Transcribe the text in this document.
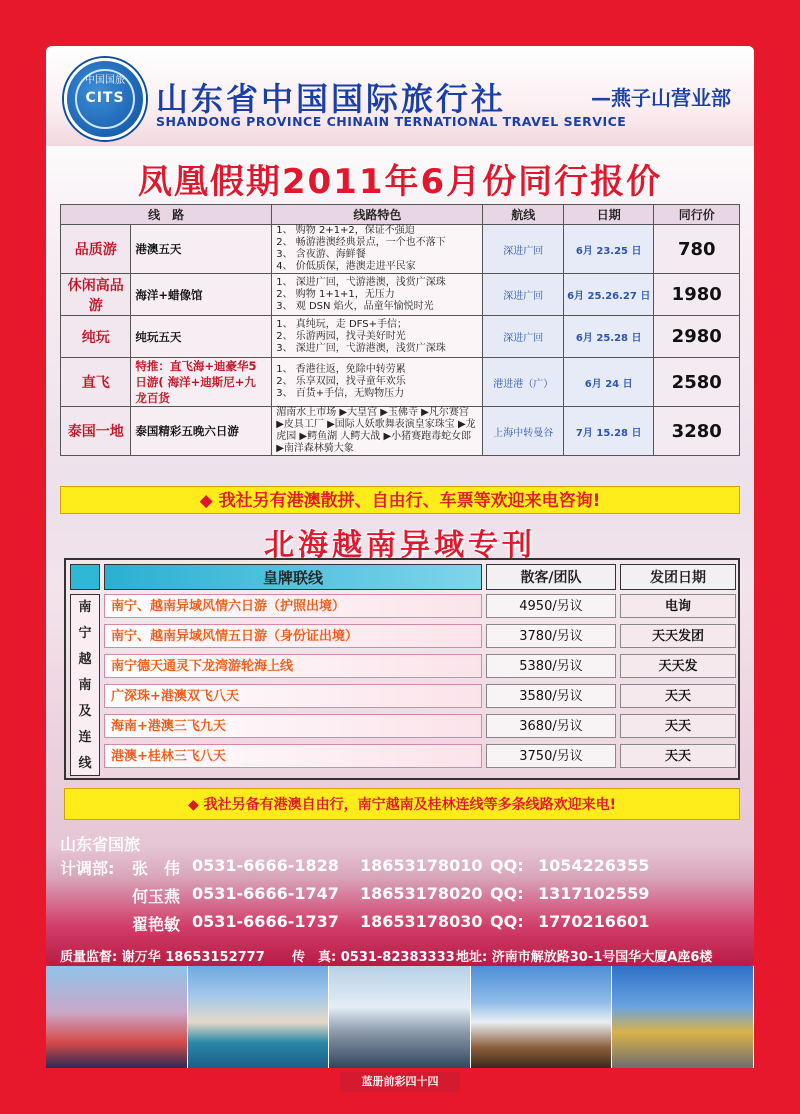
中国国旅
CITS 山东省中国国际旅行社
SHANDONG PROVINCE CHINAIN TERNATIONAL TRAVEL SERVICE
—燕子山营业部
凤凰假期2011年6月份同行报价
线　路		线路特色	航线	日期	同行价
品质游	港澳五天	1、 购物 2+1+2，保证不强迫
2、 畅游港澳经典景点，一个也不落下
3、 含夜游、海鲜餐
4、 价低质保，港澳走进平民家	深进广回	6月 23.25 日	780
休闲高品游	海洋+蜡像馆	1、 深进广回，弋游港澳，浅赏广深珠
2、 购物 1+1+1，无压力
3、 观 DSN 焰火，品童年愉悦时光	深进广回	6月 25.26.27 日	1980
纯玩	纯玩五天	1、 真纯玩，走 DFS+手信；
2、 乐游两园，找寻美好时光
3、 深进广回，弋游港澳，浅赏广深珠	深进广回	6月 25.28 日	2980
直飞	特推：直飞海+迪豪华5 日游( 海洋+迪斯尼+九龙百货	1、 香港往返，免除中转劳累
2、 乐享双园，找寻童年欢乐
3、 百货+手信，无购物压力	港进港（广）	6月 24 日	2580
泰国一地	泰国精彩五晚六日游	湄南水上市场 ▶大皇宫 ▶玉佛寺 ▶凡尔赛宫 ▶皮具工厂 ▶国际人妖歌舞表演皇家珠宝 ▶龙虎园 ▶鳄鱼湖 人鳄大战 ▶小猪赛跑毒蛇女郎 ▶南洋森林骑大象	上海中转曼谷	7月 15.28 日	3280
◆ 我社另有港澳散拼、自由行、车票等欢迎来电咨询!
北海越南异域专刊
皇牌联线	散客/团队	发团日期
南
宁
越
南
及
连
线
南宁、越南异域风情六日游（护照出境）	4950/另议	电询
南宁、越南异域风情五日游（身份证出境）	3780/另议	天天发团
南宁德天通灵下龙湾游轮海上线	5380/另议	天天发
广深珠+港澳双飞八天	3580/另议	天天
海南+港澳三飞九天	3680/另议	天天
港澳+桂林三飞八天	3750/另议	天天
◆ 我社另备有港澳自由行，南宁越南及桂林连线等多条线路欢迎来电!
山东省国旅
计调部: 张　伟 0531-6666-1828 18653178010 QQ: 1054226355
何玉燕 0531-6666-1747 18653178020 QQ: 1317102559
翟艳敏 0531-6666-1737 18653178030 QQ: 1770216601
质量监督: 谢万华 18653152777 传　真: 0531-82383333 地址: 济南市解放路30-1号国华大厦A座6楼
蓝册前彩四十四
